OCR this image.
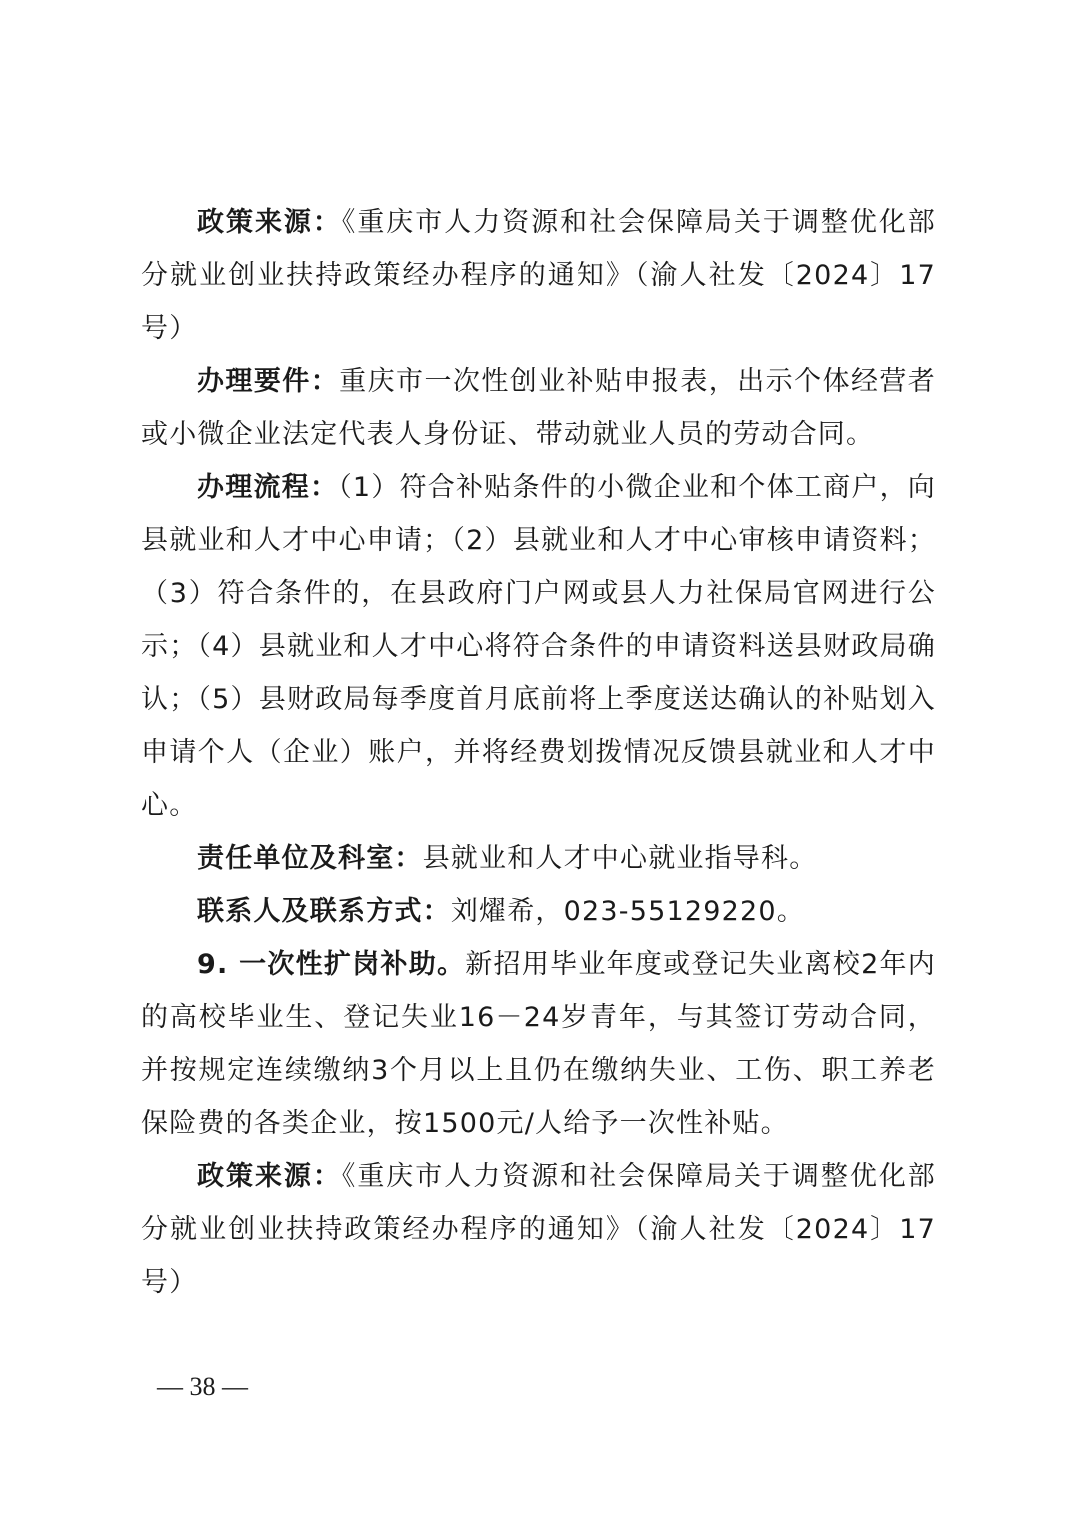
政策来源：《重庆市人力资源和社会保障局关于调整优化部分就业创业扶持政策经办程序的通知》（渝人社发〔2024〕17号）

办理要件：重庆市一次性创业补贴申报表，出示个体经营者或小微企业法定代表人身份证、带动就业人员的劳动合同。

办理流程：（1）符合补贴条件的小微企业和个体工商户，向县就业和人才中心申请；（2）县就业和人才中心审核申请资料；（3）符合条件的，在县政府门户网或县人力社保局官网进行公示；（4）县就业和人才中心将符合条件的申请资料送县财政局确认；（5）县财政局每季度首月底前将上季度送达确认的补贴划入申请个人（企业）账户，并将经费划拨情况反馈县就业和人才中心。

责任单位及科室：县就业和人才中心就业指导科。

联系人及联系方式：刘燿希，023-55129220。

9. 一次性扩岗补助。新招用毕业年度或登记失业离校2年内的高校毕业生、登记失业16－24岁青年，与其签订劳动合同，并按规定连续缴纳3个月以上且仍在缴纳失业、工伤、职工养老保险费的各类企业，按1500元/人给予一次性补贴。

政策来源：《重庆市人力资源和社会保障局关于调整优化部分就业创业扶持政策经办程序的通知》（渝人社发〔2024〕17号）

— 38 —
